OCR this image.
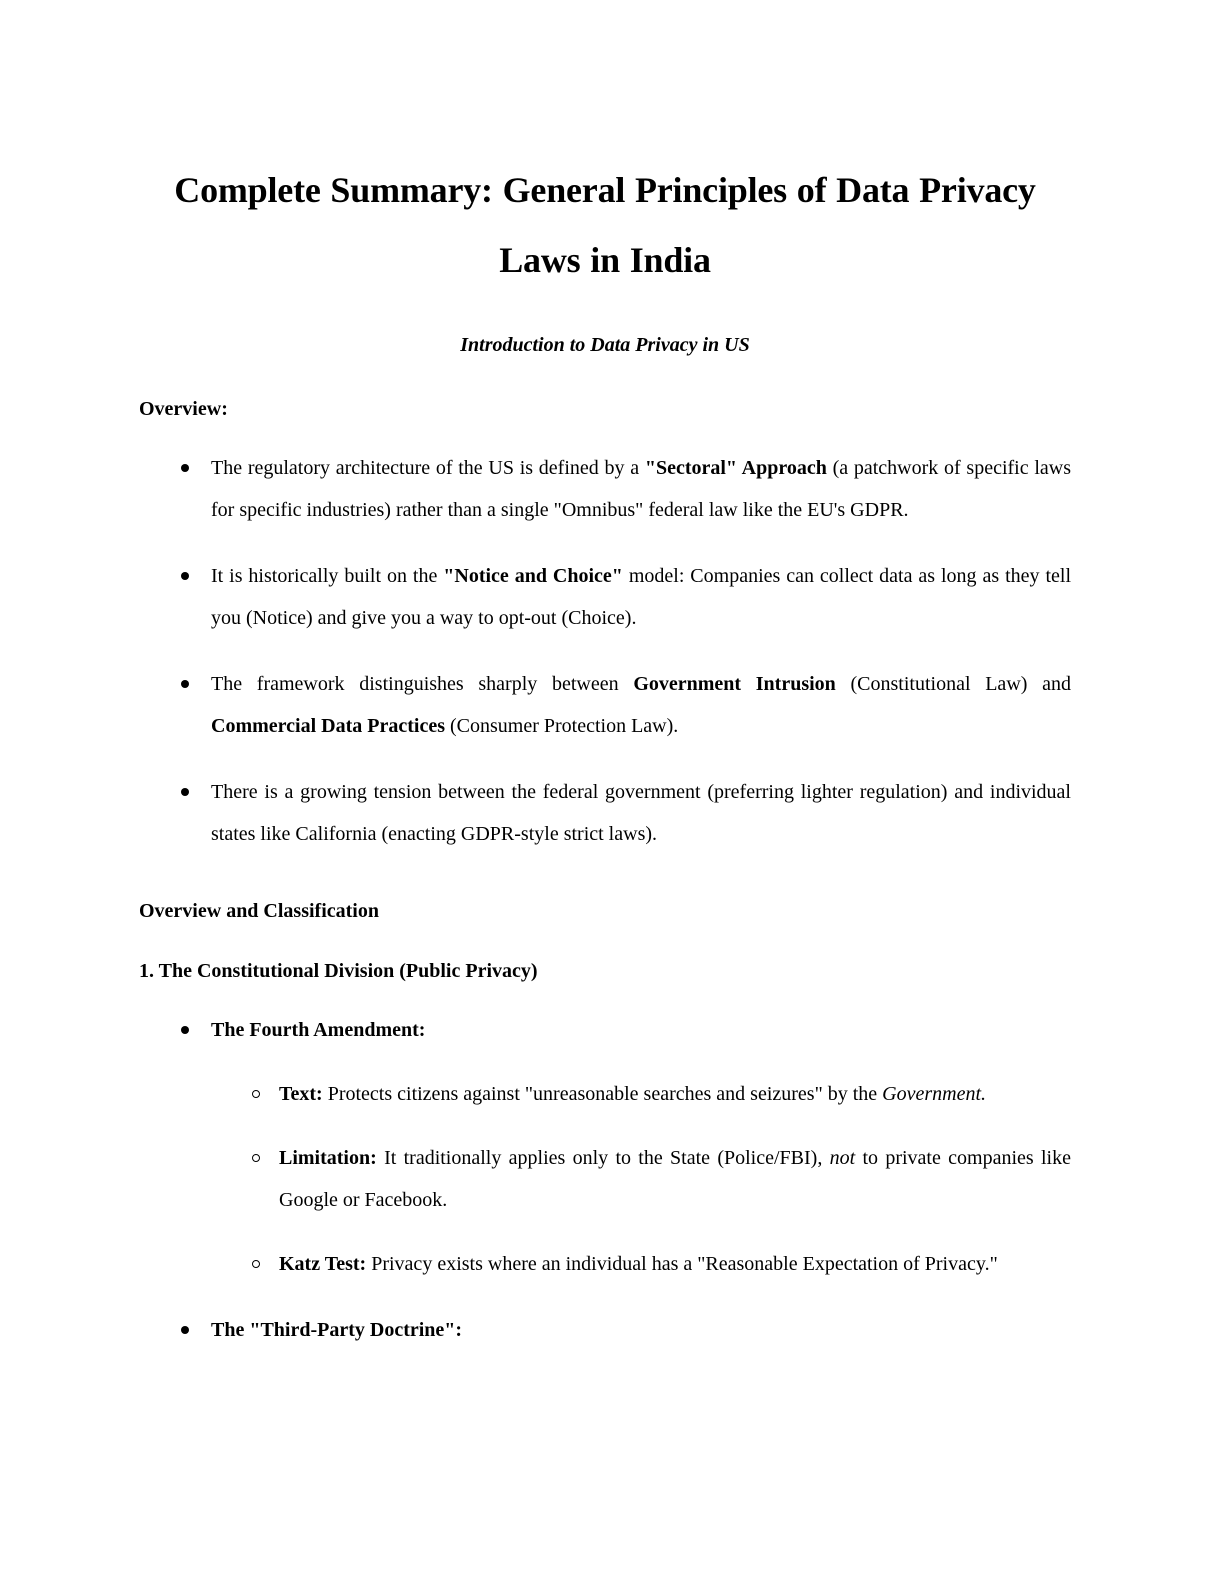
Complete Summary: General Principles of Data Privacy Laws in India
Introduction to Data Privacy in US
Overview:
The regulatory architecture of the US is defined by a "Sectoral" Approach (a patchwork of specific laws for specific industries) rather than a single "Omnibus" federal law like the EU's GDPR.
It is historically built on the "Notice and Choice" model: Companies can collect data as long as they tell you (Notice) and give you a way to opt-out (Choice).
The framework distinguishes sharply between Government Intrusion (Constitutional Law) and Commercial Data Practices (Consumer Protection Law).
There is a growing tension between the federal government (preferring lighter regulation) and individual states like California (enacting GDPR-style strict laws).
Overview and Classification
1. The Constitutional Division (Public Privacy)
The Fourth Amendment:
Text: Protects citizens against "unreasonable searches and seizures" by the Government.
Limitation: It traditionally applies only to the State (Police/FBI), not to private companies like Google or Facebook.
Katz Test: Privacy exists where an individual has a "Reasonable Expectation of Privacy."
The "Third-Party Doctrine":
